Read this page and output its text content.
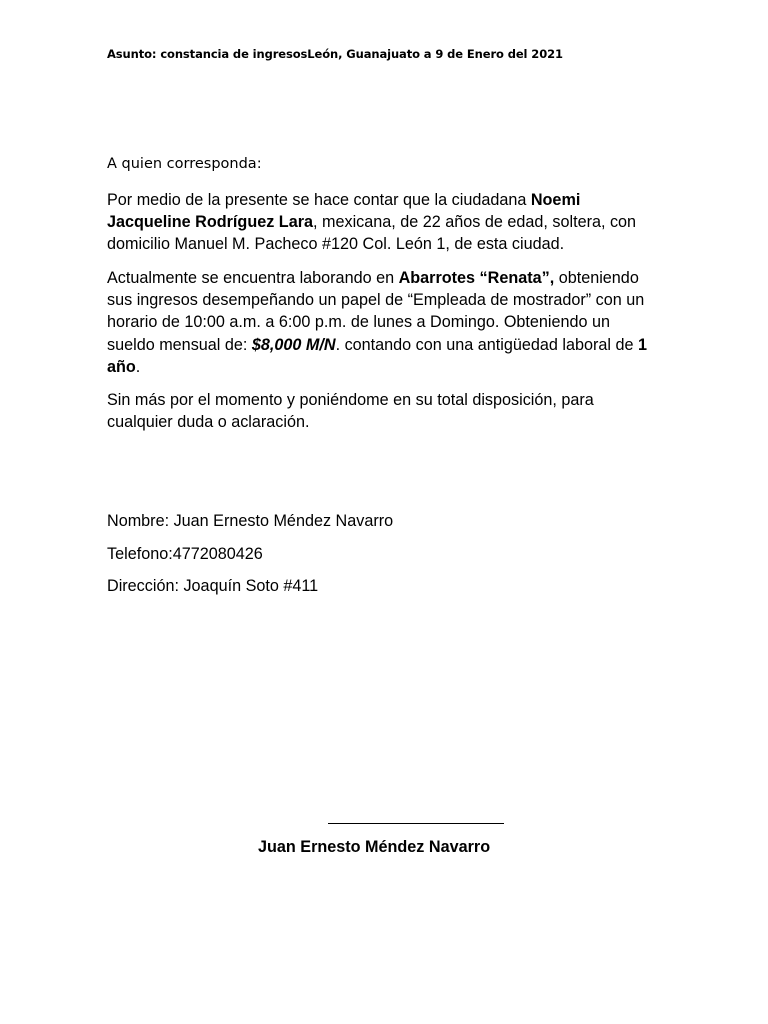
Asunto: constancia de ingresosLeón, Guanajuato a 9 de Enero del 2021
A quien corresponda:
Por medio de la presente se hace contar que la ciudadana Noemi Jacqueline Rodríguez Lara, mexicana, de 22 años de edad, soltera, con domicilio Manuel M. Pacheco #120 Col. León 1, de esta ciudad.
Actualmente se encuentra laborando en Abarrotes “Renata”, obteniendo sus ingresos desempeñando un papel de “Empleada de mostrador” con un horario de 10:00 a.m. a 6:00 p.m. de lunes a Domingo. Obteniendo un sueldo mensual de: $8,000 M/N. contando con una antigüedad laboral de 1 año.
Sin más por el momento y poniéndome en su total disposición, para cualquier duda o aclaración.
Nombre: Juan Ernesto Méndez Navarro
Telefono:4772080426
Dirección: Joaquín Soto #411
Juan Ernesto Méndez Navarro
